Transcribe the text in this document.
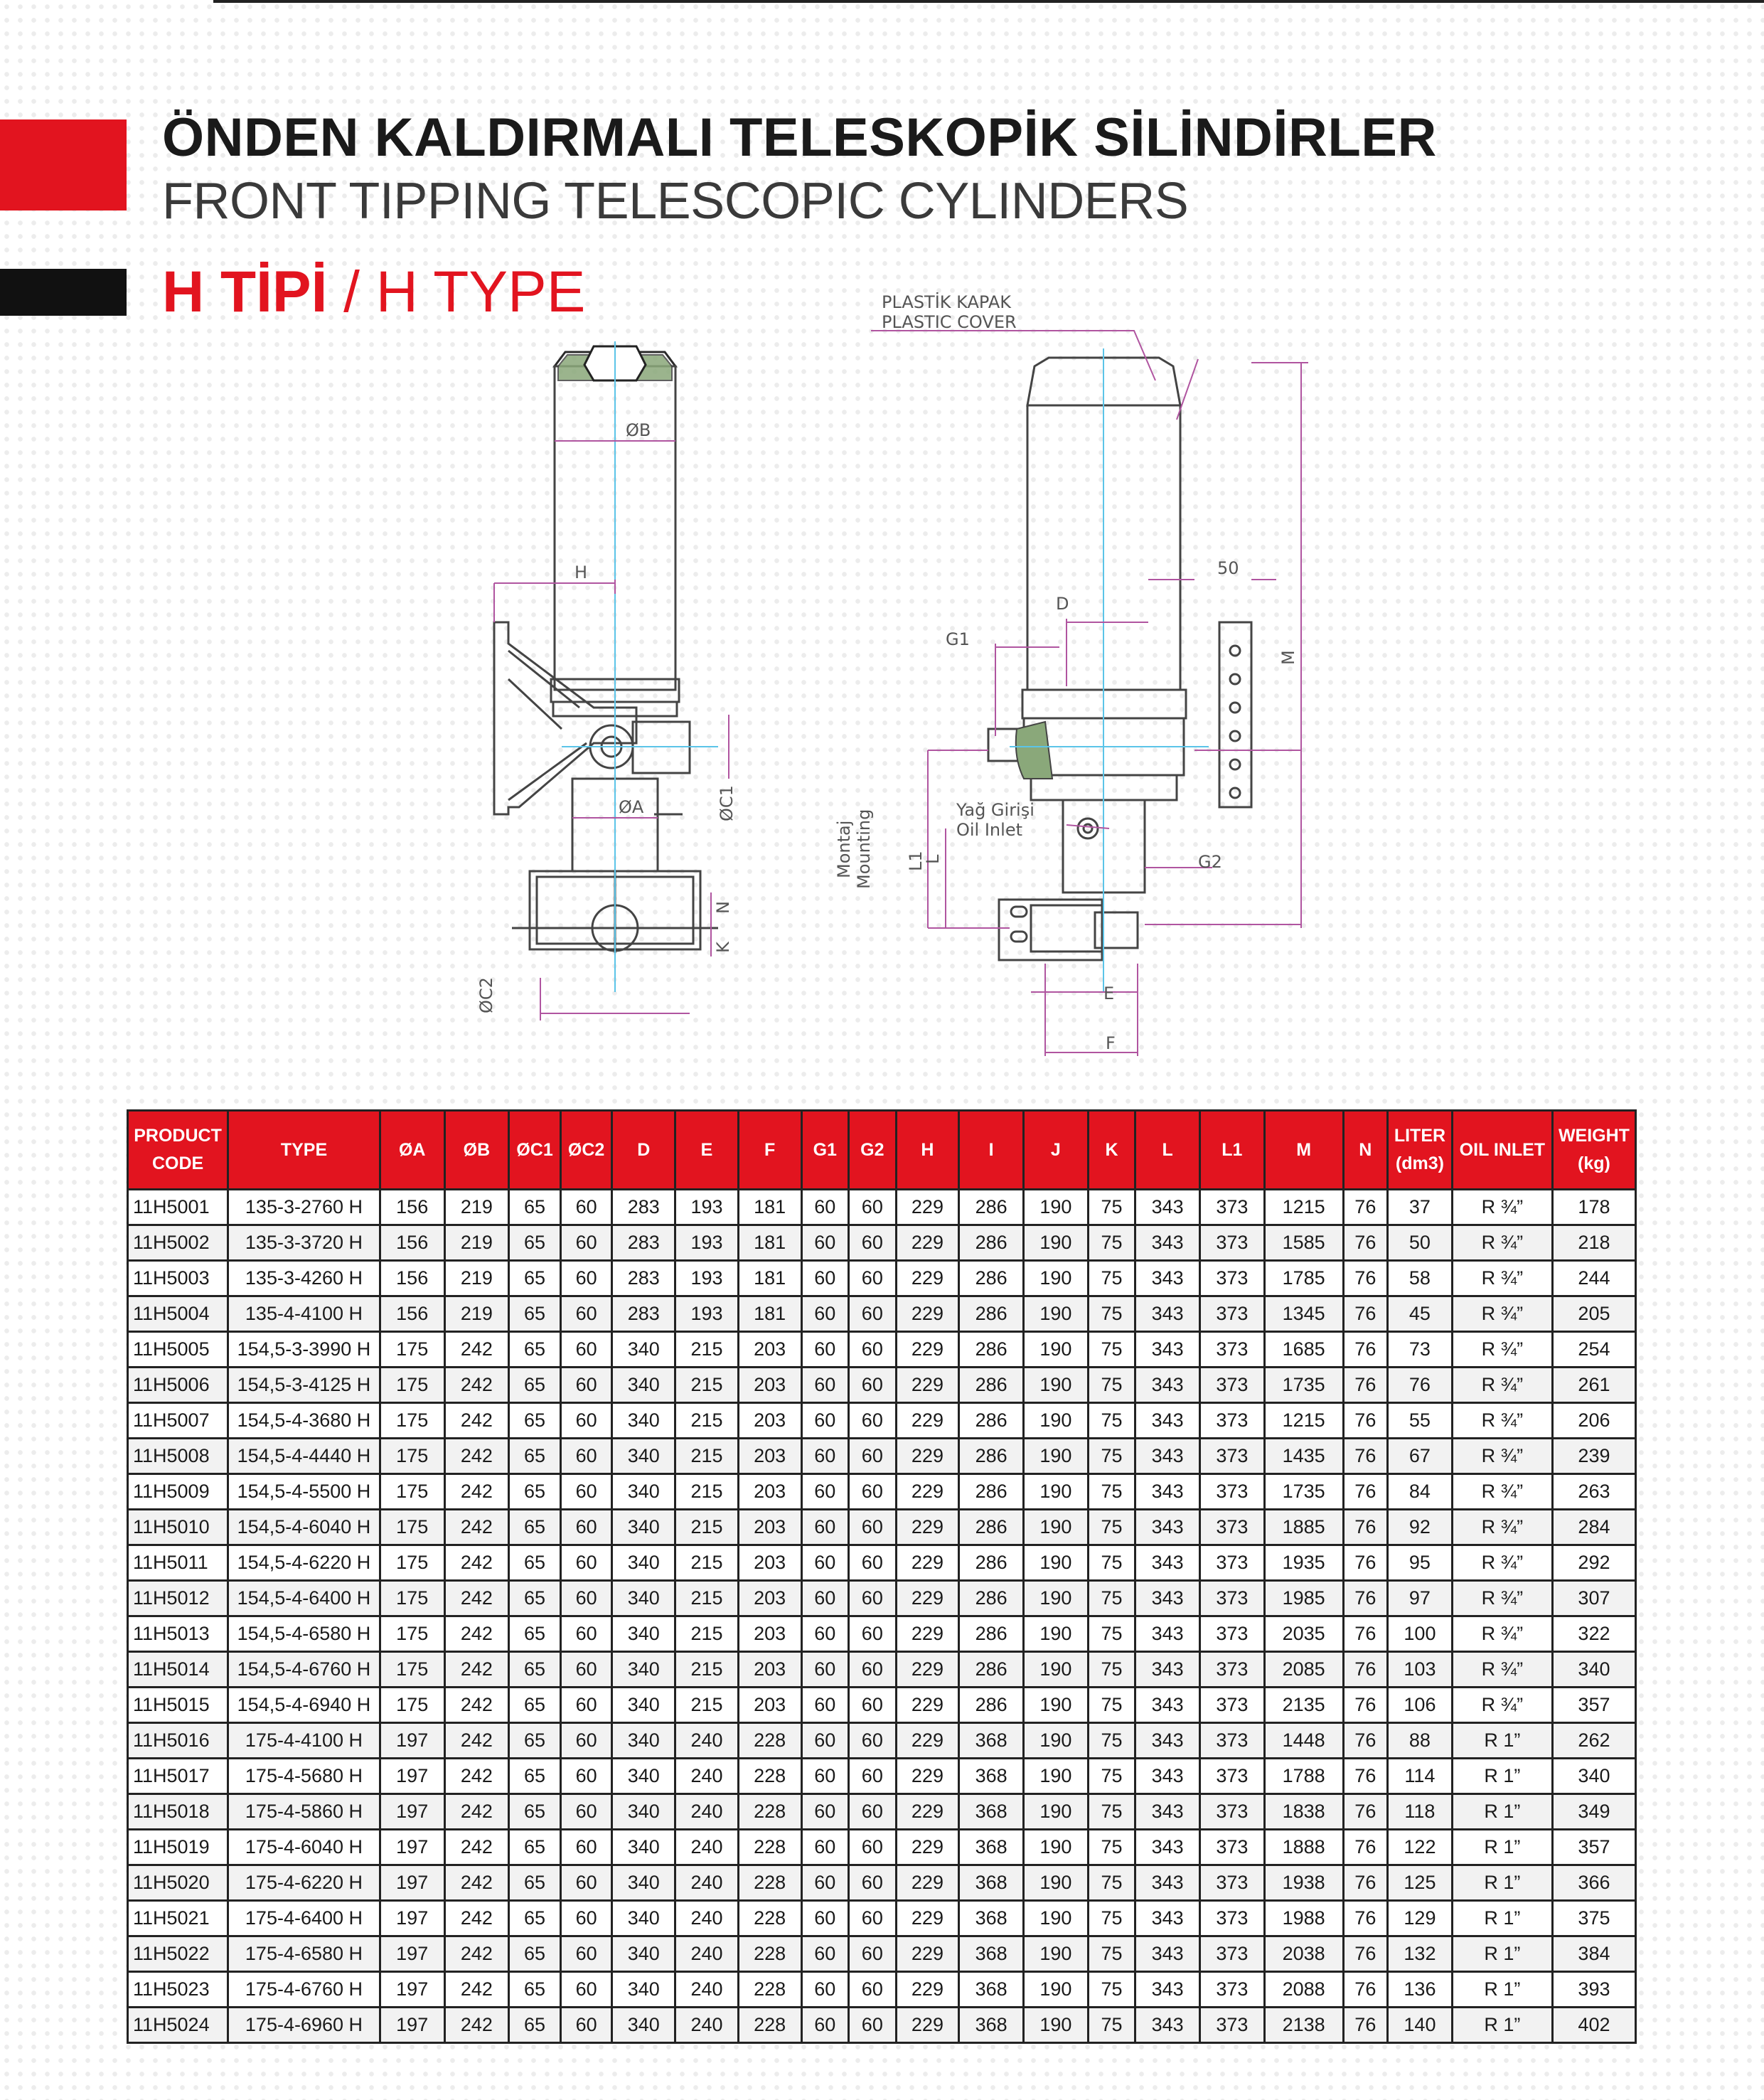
ÖNDEN KALDIRMALI TELESKOPİK SİLİNDİRLER
FRONT TIPPING TELESCOPIC CYLINDERS
H TİPİ / H TYPE	PLASTİK KAPAK
PLASTIC COVER
ØB
H
ØA	ØC1
N
K
ØC2
50
D
G1
M
Yağ Girişi
Oil Inlet
G2
Montaj Mounting L1
L
E
F
PRODUCT
CODE	TYPE	ØA	ØB	ØC1	ØC2	D	E	F	G1	G2	H	I	J	K	L	L1	M	N	LITER
(dm3)	OIL INLET	WEIGHT
(kg)
11H5001	135-3-2760 H	156	219	65	60	283	193	181	60	60	229	286	190	75	343	373	1215	76	37	R ¾”	178
11H5002	135-3-3720 H	156	219	65	60	283	193	181	60	60	229	286	190	75	343	373	1585	76	50	R ¾”	218
11H5003	135-3-4260 H	156	219	65	60	283	193	181	60	60	229	286	190	75	343	373	1785	76	58	R ¾”	244
11H5004	135-4-4100 H	156	219	65	60	283	193	181	60	60	229	286	190	75	343	373	1345	76	45	R ¾”	205
11H5005	154,5-3-3990 H	175	242	65	60	340	215	203	60	60	229	286	190	75	343	373	1685	76	73	R ¾”	254
11H5006	154,5-3-4125 H	175	242	65	60	340	215	203	60	60	229	286	190	75	343	373	1735	76	76	R ¾”	261
11H5007	154,5-4-3680 H	175	242	65	60	340	215	203	60	60	229	286	190	75	343	373	1215	76	55	R ¾”	206
11H5008	154,5-4-4440 H	175	242	65	60	340	215	203	60	60	229	286	190	75	343	373	1435	76	67	R ¾”	239
11H5009	154,5-4-5500 H	175	242	65	60	340	215	203	60	60	229	286	190	75	343	373	1735	76	84	R ¾”	263
11H5010	154,5-4-6040 H	175	242	65	60	340	215	203	60	60	229	286	190	75	343	373	1885	76	92	R ¾”	284
11H5011	154,5-4-6220 H	175	242	65	60	340	215	203	60	60	229	286	190	75	343	373	1935	76	95	R ¾”	292
11H5012	154,5-4-6400 H	175	242	65	60	340	215	203	60	60	229	286	190	75	343	373	1985	76	97	R ¾”	307
11H5013	154,5-4-6580 H	175	242	65	60	340	215	203	60	60	229	286	190	75	343	373	2035	76	100	R ¾”	322
11H5014	154,5-4-6760 H	175	242	65	60	340	215	203	60	60	229	286	190	75	343	373	2085	76	103	R ¾”	340
11H5015	154,5-4-6940 H	175	242	65	60	340	215	203	60	60	229	286	190	75	343	373	2135	76	106	R ¾”	357
11H5016	175-4-4100 H	197	242	65	60	340	240	228	60	60	229	368	190	75	343	373	1448	76	88	R 1”	262
11H5017	175-4-5680 H	197	242	65	60	340	240	228	60	60	229	368	190	75	343	373	1788	76	114	R 1”	340
11H5018	175-4-5860 H	197	242	65	60	340	240	228	60	60	229	368	190	75	343	373	1838	76	118	R 1”	349
11H5019	175-4-6040 H	197	242	65	60	340	240	228	60	60	229	368	190	75	343	373	1888	76	122	R 1”	357
11H5020	175-4-6220 H	197	242	65	60	340	240	228	60	60	229	368	190	75	343	373	1938	76	125	R 1”	366
11H5021	175-4-6400 H	197	242	65	60	340	240	228	60	60	229	368	190	75	343	373	1988	76	129	R 1”	375
11H5022	175-4-6580 H	197	242	65	60	340	240	228	60	60	229	368	190	75	343	373	2038	76	132	R 1”	384
11H5023	175-4-6760 H	197	242	65	60	340	240	228	60	60	229	368	190	75	343	373	2088	76	136	R 1”	393
11H5024	175-4-6960 H	197	242	65	60	340	240	228	60	60	229	368	190	75	343	373	2138	76	140	R 1”	402
